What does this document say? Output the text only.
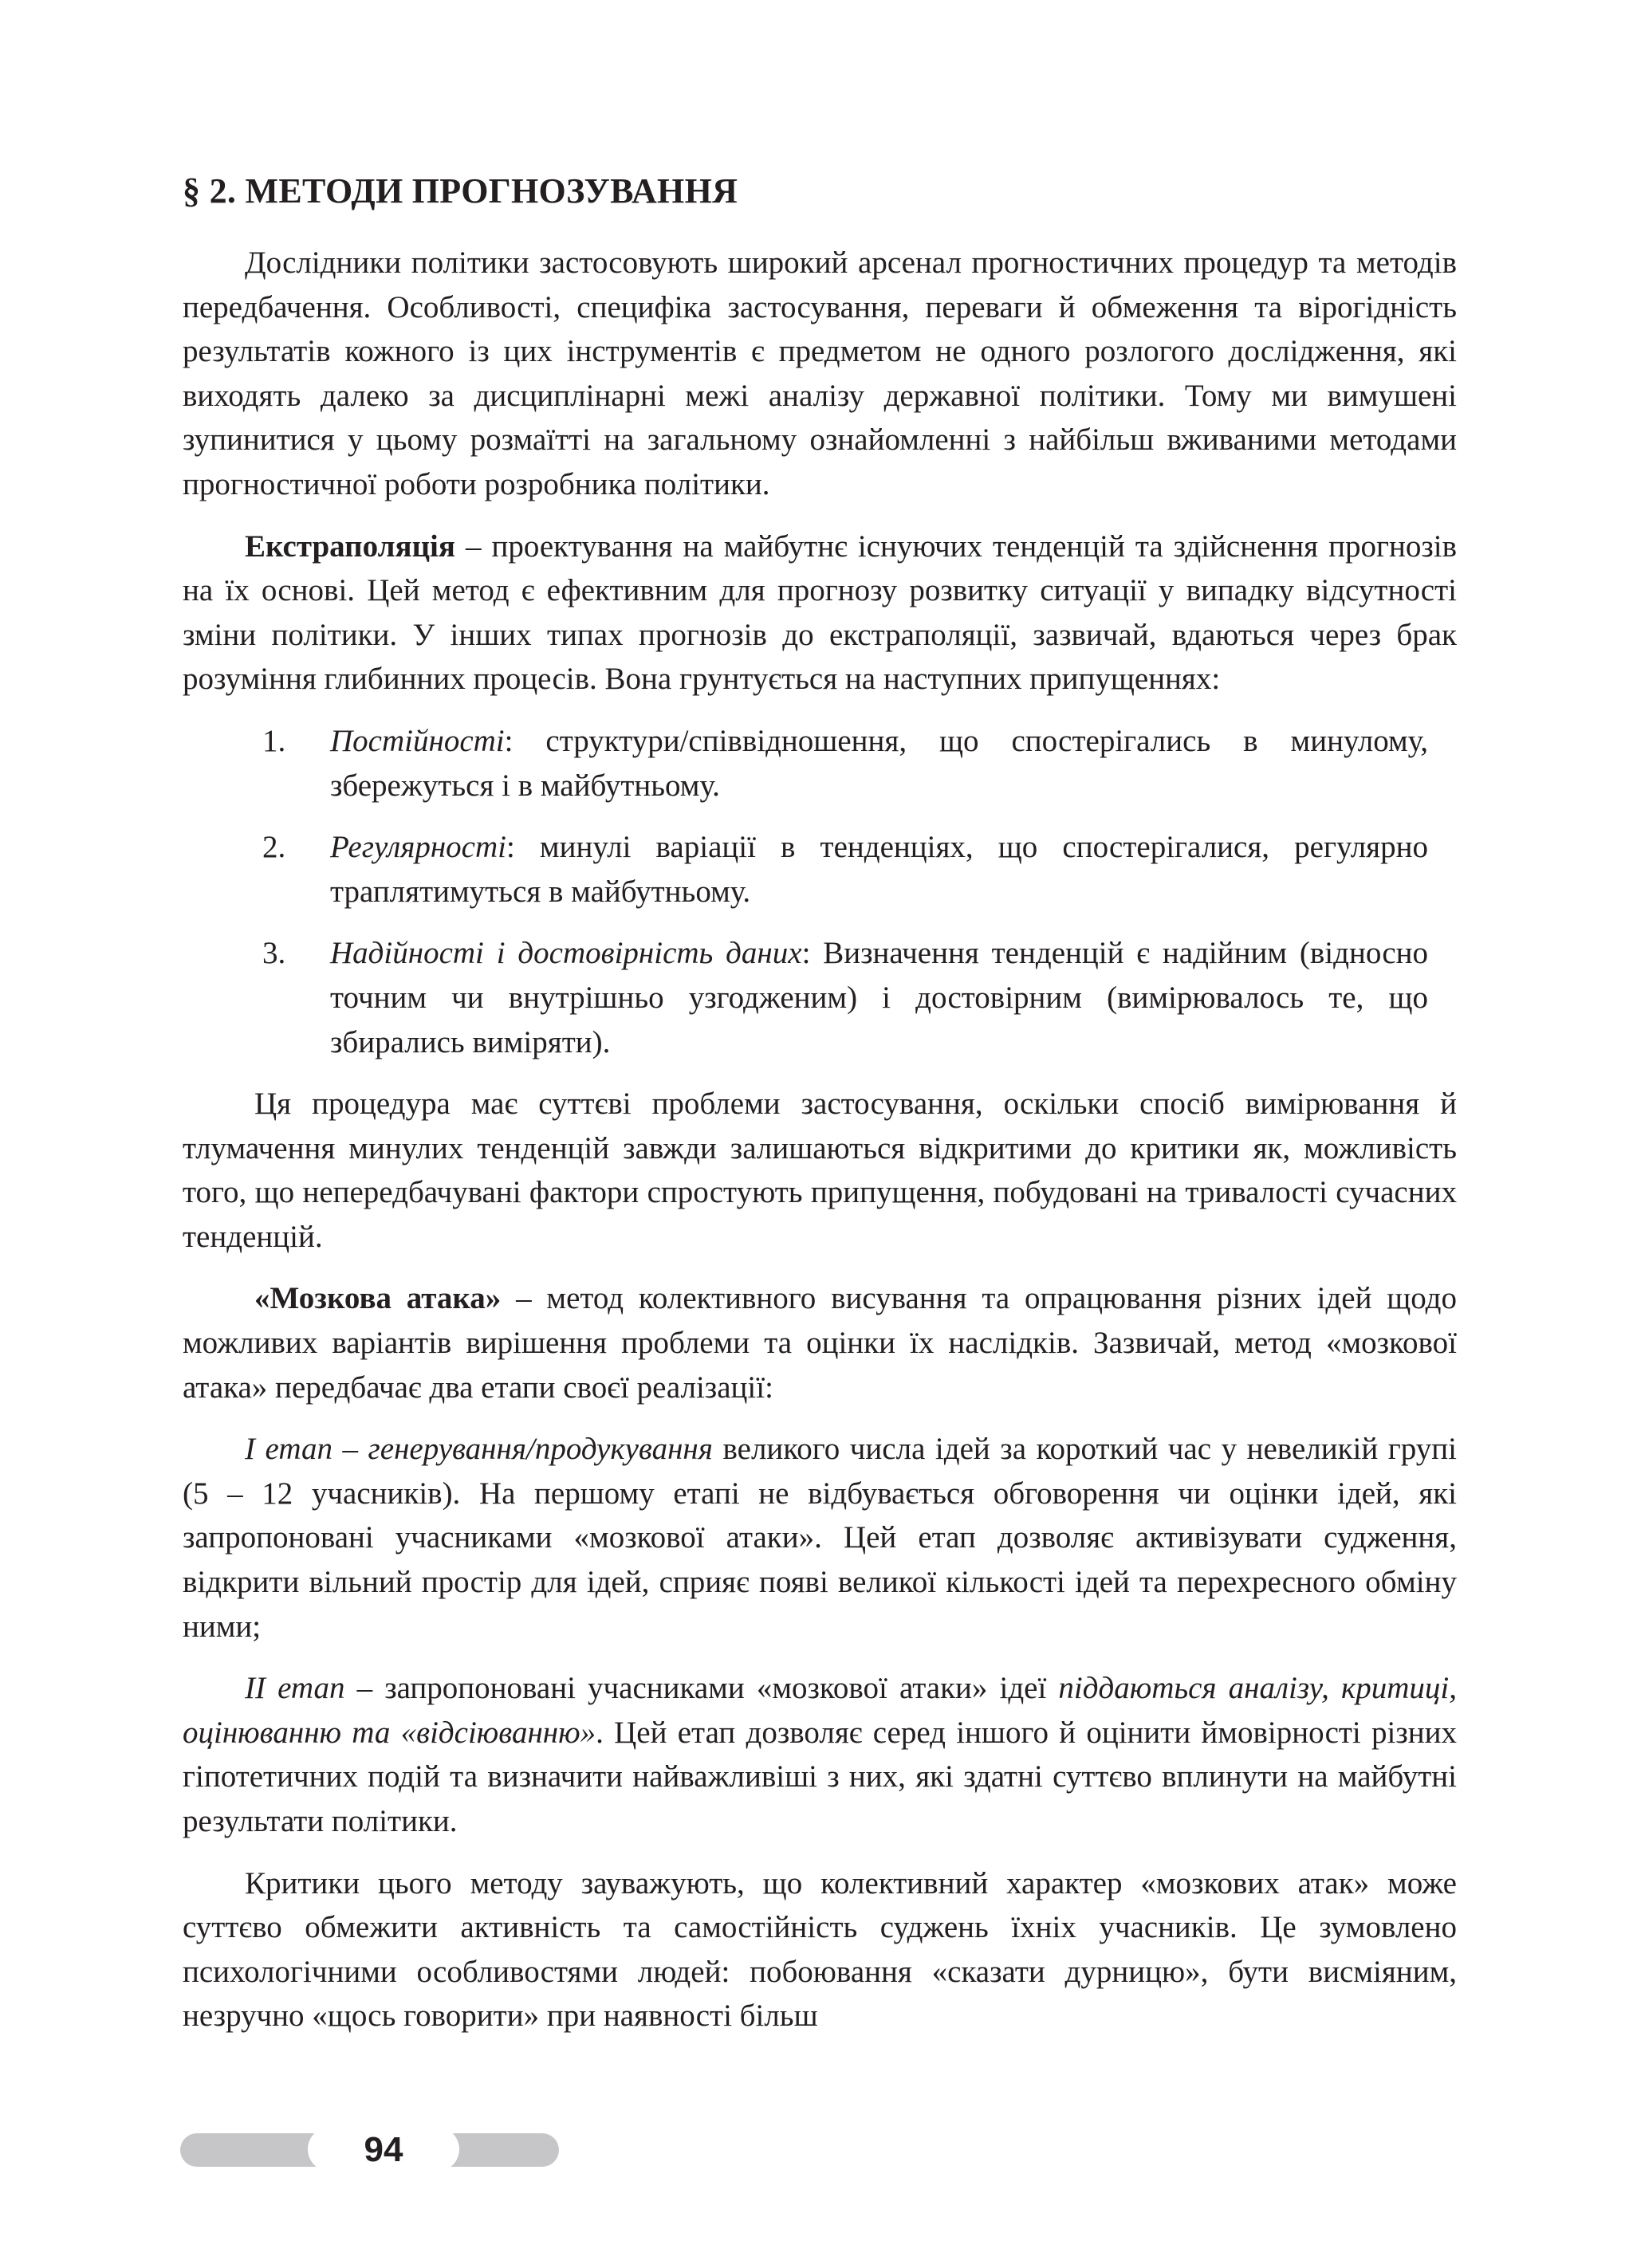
§ 2. МЕТОДИ ПРОГНОЗУВАННЯ

Дослідники політики застосовують широкий арсенал прогностичних процедур та методів передбачення. Особливості, специфіка застосування, переваги й обмеження та вірогідність результатів кожного із цих інструментів є предметом не одного розлогого дослідження, які виходять далеко за дисциплінарні межі аналізу державної політики. Тому ми вимушені зупинитися у цьому розмаїтті на загальному ознайомленні з найбільш вживаними методами прогностичної роботи розробника політики.

Екстраполяція – проектування на майбутнє існуючих тенденцій та здійснення прогнозів на їх основі. Цей метод є ефективним для прогнозу розвитку ситуації у випадку відсутності зміни політики. У інших типах прогнозів до екстраполяції, зазвичай, вдаються через брак розуміння глибинних процесів. Вона грунтується на наступних припущеннях:

1. Постійності: структури/співвідношення, що спостерігались в минулому, збережуться і в майбутньому.
2. Регулярності: минулі варіації в тенденціях, що спостерігалися, регулярно траплятимуться в майбутньому.
3. Надійності і достовірність даних: Визначення тенденцій є надійним (відносно точним чи внутрішньо узгодженим) і достовірним (вимірювалось те, що збирались виміряти).

Ця процедура має суттєві проблеми застосування, оскільки спосіб вимірювання й тлумачення минулих тенденцій завжди залишаються відкритими до критики як, можливість того, що непередбачувані фактори спростують припущення, побудовані на тривалості сучасних тенденцій.

«Мозкова атака» – метод колективного висування та опрацювання різних ідей щодо можливих варіантів вирішення проблеми та оцінки їх наслідків. Зазвичай, метод «мозкової атака» передбачає два етапи своєї реалізації:

I етап – генерування/продукування великого числа ідей за короткий час у невеликій групі (5 – 12 учасників). На першому етапі не відбувається обговорення чи оцінки ідей, які запропоновані учасниками «мозкової атаки». Цей етап дозволяє активізувати судження, відкрити вільний простір для ідей, сприяє появі великої кількості ідей та перехресного обміну ними;

II етап – запропоновані учасниками «мозкової атаки» ідеї піддаються аналізу, критиці, оцінюванню та «відсіюванню». Цей етап дозволяє серед іншого й оцінити ймовірності різних гіпотетичних подій та визначити найважливіші з них, які здатні суттєво вплинути на майбутні результати політики.

Критики цього методу зауважують, що колективний характер «мозкових атак» може суттєво обмежити активність та самостійність суджень їхніх учасників. Це зумовлено психологічними особливостями людей: побоювання «сказати дурницю», бути висміяним, незручно «щось говорити» при наявності більш

94
